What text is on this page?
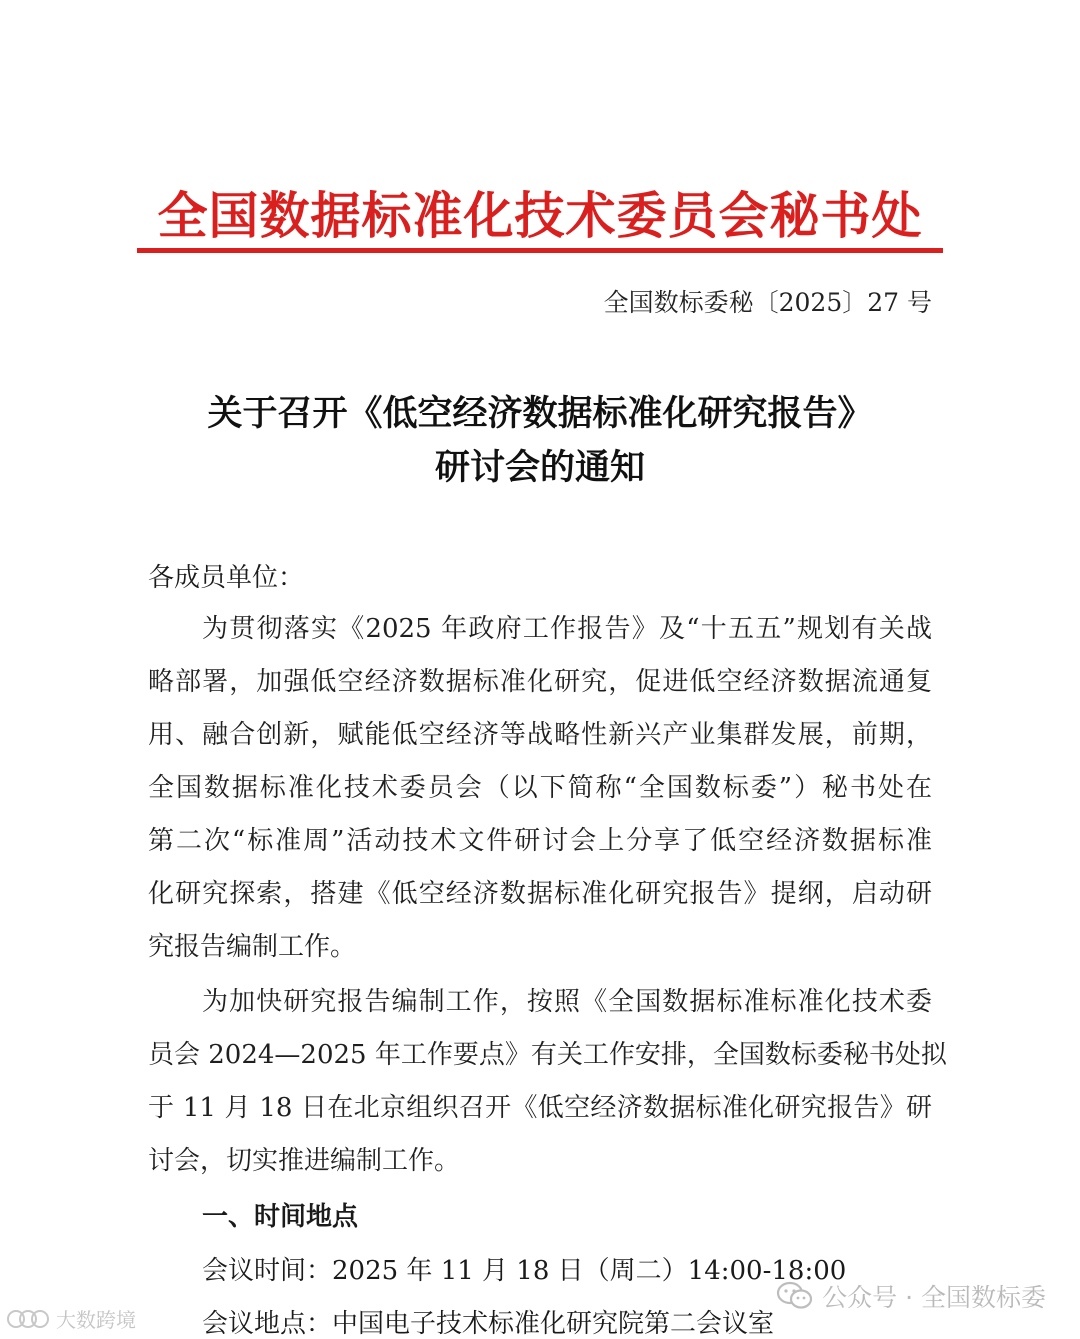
全国数据标准化技术委员会秘书处
全国数标委秘〔2025〕27 号
关于召开《低空经济数据标准化研究报告》
研讨会的通知
各成员单位：
为贯彻落实《2025 年政府工作报告》及“十五五”规划有关战
略部署，加强低空经济数据标准化研究，促进低空经济数据流通复
用、融合创新，赋能低空经济等战略性新兴产业集群发展，前期，
全国数据标准化技术委员会（以下简称“全国数标委”）秘书处在
第二次“标准周”活动技术文件研讨会上分享了低空经济数据标准
化研究探索，搭建《低空经济数据标准化研究报告》提纲，启动研
究报告编制工作。
为加快研究报告编制工作，按照《全国数据标准标准化技术委
员会 2024—2025 年工作要点》有关工作安排，全国数标委秘书处拟
于 11 月 18 日在北京组织召开《低空经济数据标准化研究报告》研
讨会，切实推进编制工作。
一、时间地点
会议时间：2025 年 11 月 18 日（周二）14:00-18:00
会议地点：中国电子技术标准化研究院第二会议室
公众号 · 全国数标委
大数跨境
